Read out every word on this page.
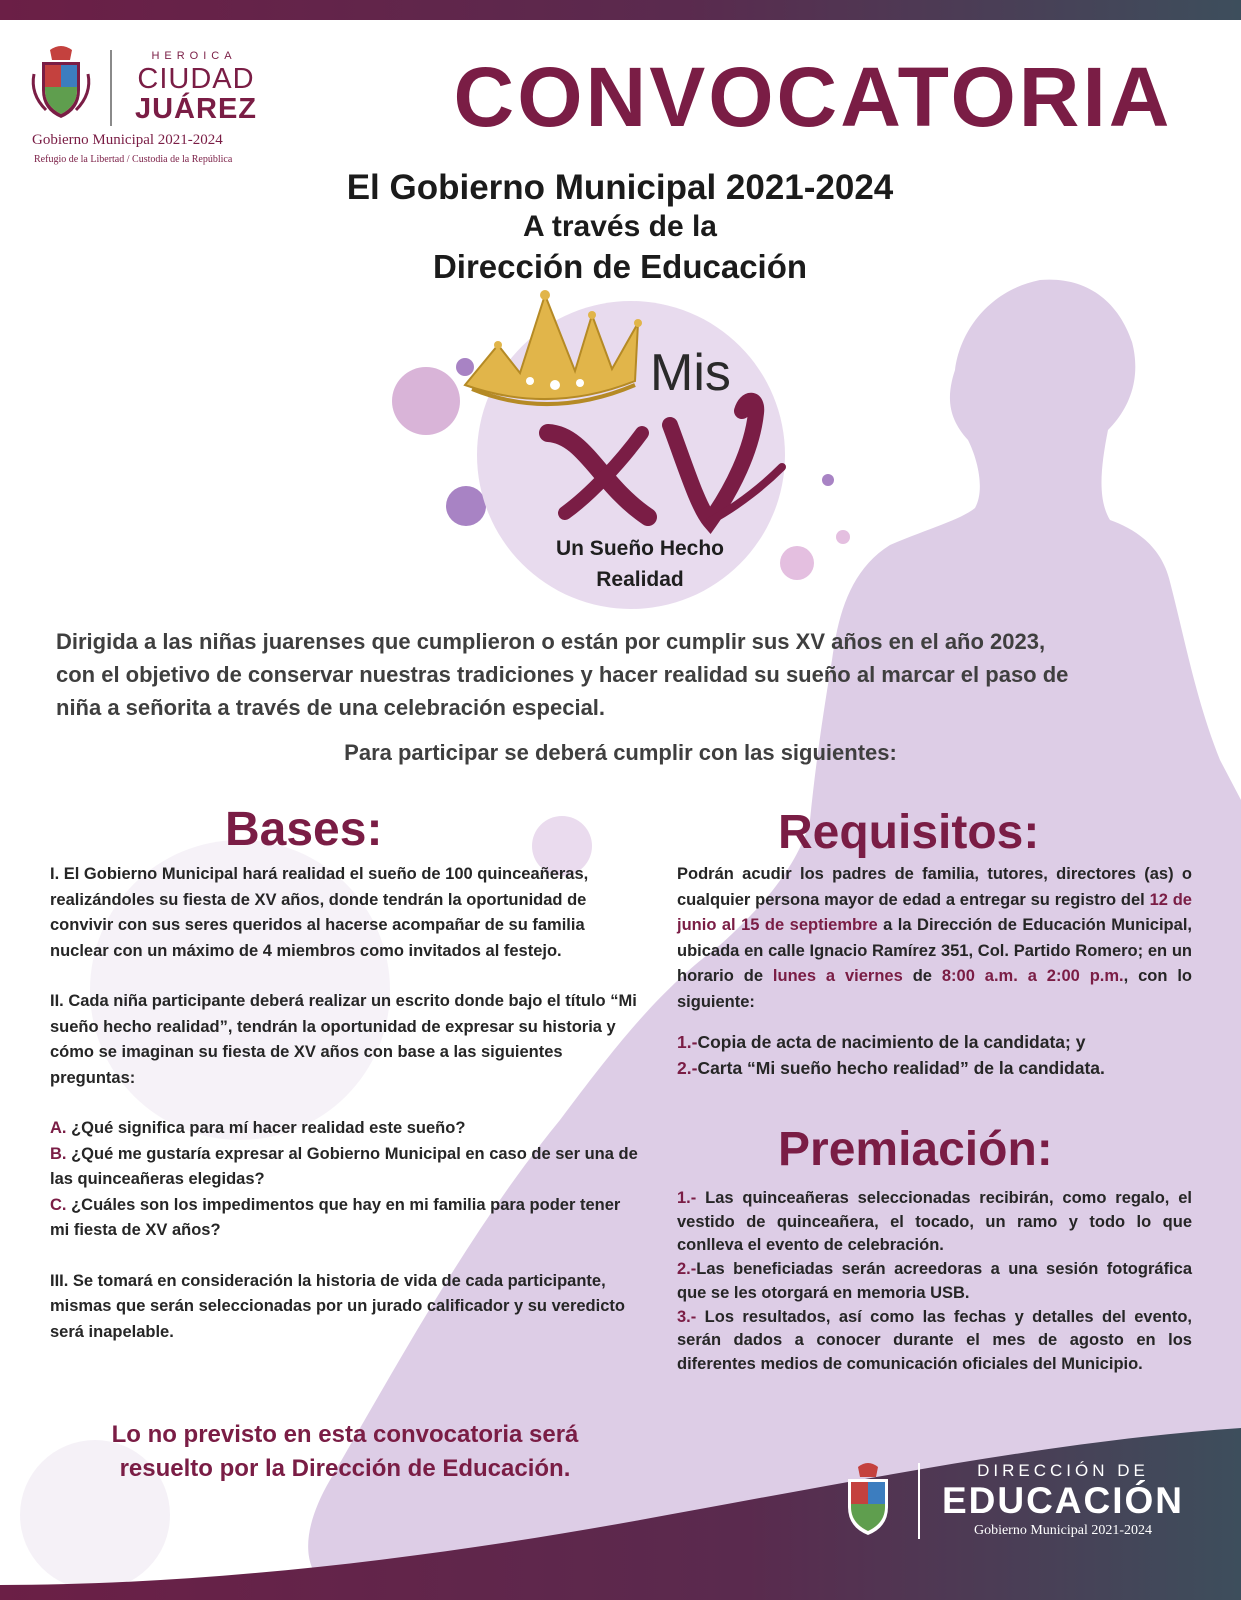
HEROICA
CIUDAD
JUÁREZ
Gobierno Municipal 2021-2024
Refugio de la Libertad / Custodia de la República
CONVOCATORIA
El Gobierno Municipal 2021-2024
A través de la
Dirección de Educación
Mis
Un Sueño Hecho
Realidad
Dirigida a las niñas juarenses que cumplieron o están por cumplir sus XV años en el año 2023,
con el objetivo de conservar nuestras tradiciones y hacer realidad su sueño al marcar el paso de
niña a señorita a través de una celebración especial.
Para participar se deberá cumplir con las siguientes:
Bases:

I. El Gobierno Municipal hará realidad el sueño de 100 quinceañeras, realizándoles su fiesta de XV años, donde tendrán la oportunidad de convivir con sus seres queridos al hacerse acompañar de su familia nuclear con un máximo de 4 miembros como invitados al festejo.

II. Cada niña participante deberá realizar un escrito donde bajo el título “Mi sueño hecho realidad”, tendrán la oportunidad de expresar su historia y cómo se imaginan su fiesta de XV años con base a las siguientes preguntas:

A. ¿Qué significa para mí hacer realidad este sueño?

B. ¿Qué me gustaría expresar al Gobierno Municipal en caso de ser una de las quinceañeras elegidas?

C. ¿Cuáles son los impedimentos que hay en mi familia para poder tener mi fiesta de XV años?

III. Se tomará en consideración la historia de vida de cada participante, mismas que serán seleccionadas por un jurado calificador y su veredicto será inapelable.

Requisitos:
Podrán acudir los padres de familia, tutores, directores (as) o cualquier persona mayor de edad a entregar su registro del 12 de junio al 15 de septiembre a la Dirección de Educación Municipal, ubicada en calle Ignacio Ramírez 351, Col. Partido Romero; en un horario de lunes a viernes de 8:00 a.m. a 2:00 p.m., con lo siguiente:

1.-Copia de acta de nacimiento de la candidata; y

2.-Carta “Mi sueño hecho realidad” de la candidata.

Premiación:

1.- Las quinceañeras seleccionadas recibirán, como regalo, el vestido de quinceañera, el tocado, un ramo y todo lo que conlleva el evento de celebración.

2.-Las beneficiadas serán acreedoras a una sesión fotográfica que se les otorgará en memoria USB.

3.- Los resultados, así como las fechas y detalles del evento, serán dados a conocer durante el mes de agosto en los diferentes medios de comunicación oficiales del Municipio.

Lo no previsto en esta convocatoria será
resuelto por la Dirección de Educación.	DIRECCIÓN DE
EDUCACIÓN
Gobierno Municipal 2021-2024
